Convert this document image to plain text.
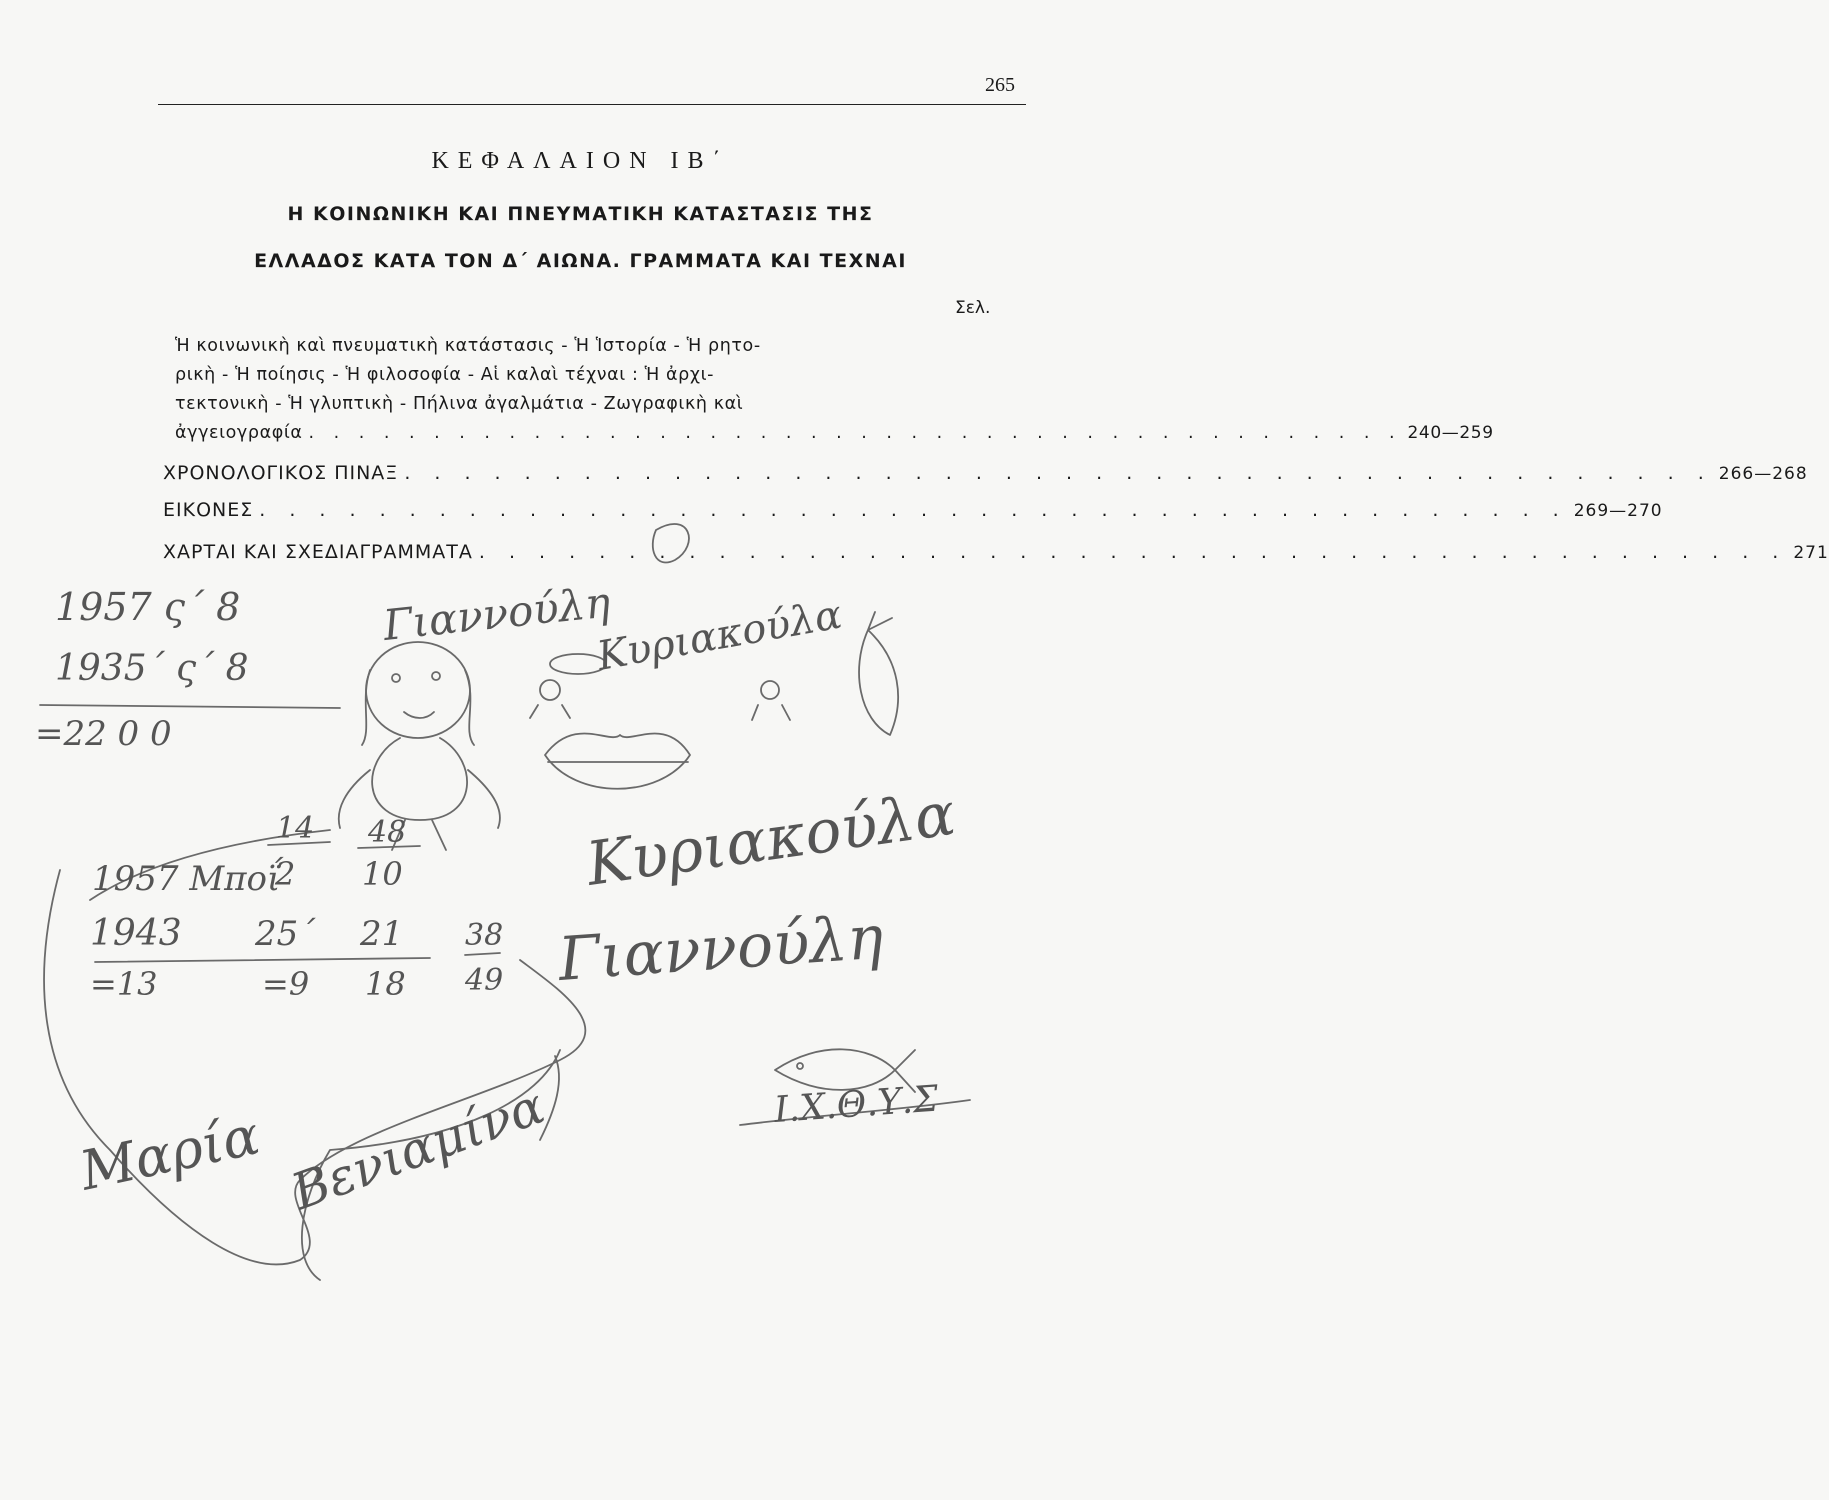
265
ΚΕΦΑΛΑΙΟΝ ΙΒ΄
Η ΚΟΙΝΩΝΙΚΗ ΚΑΙ ΠΝΕΥΜΑΤΙΚΗ ΚΑΤΑΣΤΑΣΙΣ ΤΗΣ
ΕΛΛΑΔΟΣ ΚΑΤΑ ΤΟΝ Δ΄ ΑΙΩΝΑ. ΓΡΑΜΜΑΤΑ ΚΑΙ ΤΕΧΝΑΙ
Σελ.
Ἡ κοινωνικὴ καὶ πνευματικὴ κατάστασις - Ἡ Ἱστορία - Ἡ ρητο-
ρικὴ - Ἡ ποίησις - Ἡ φιλοσοφία - Αἱ καλαὶ τέχναι : Ἡ ἀρχι-
τεκτονικὴ - Ἡ γλυπτικὴ - Πήλινα ἀγαλμάτια - Ζωγραφικὴ καὶ
ἀγγειογραφία . . . . . . . . . . . . . . . . . . . . . . . . . . . . . . . . . . . . . . . . . . . . 240—259
ΧΡΟΝΟΛΟΓΙΚΟΣ ΠΙΝΑΞ . . . . . . . . . . . . . . . . . . . . . . . . . . . . . . . . . . . . . . . . . . . . 266—268
ΕΙΚΟΝΕΣ . . . . . . . . . . . . . . . . . . . . . . . . . . . . . . . . . . . . . . . . . . . . 269—270
ΧΑΡΤΑΙ ΚΑΙ ΣΧΕΔΙΑΓΡΑΜΜΑΤΑ . . . . . . . . . . . . . . . . . . . . . . . . . . . . . . . . . . . . . . . . . . . . 271
1957 ς΄ 8
1935΄ ς΄ 8
=22 0 0
14 48
2 10
1957 Μποΐ
1943 25΄ 21
=13	=9 18
38
49
Γιαννούλη
Κυριακούλα
Κυριακούλα
Γιαννούλη
Μαρία Βενιαμίνα	Ι.Χ.Θ.Υ.Σ
